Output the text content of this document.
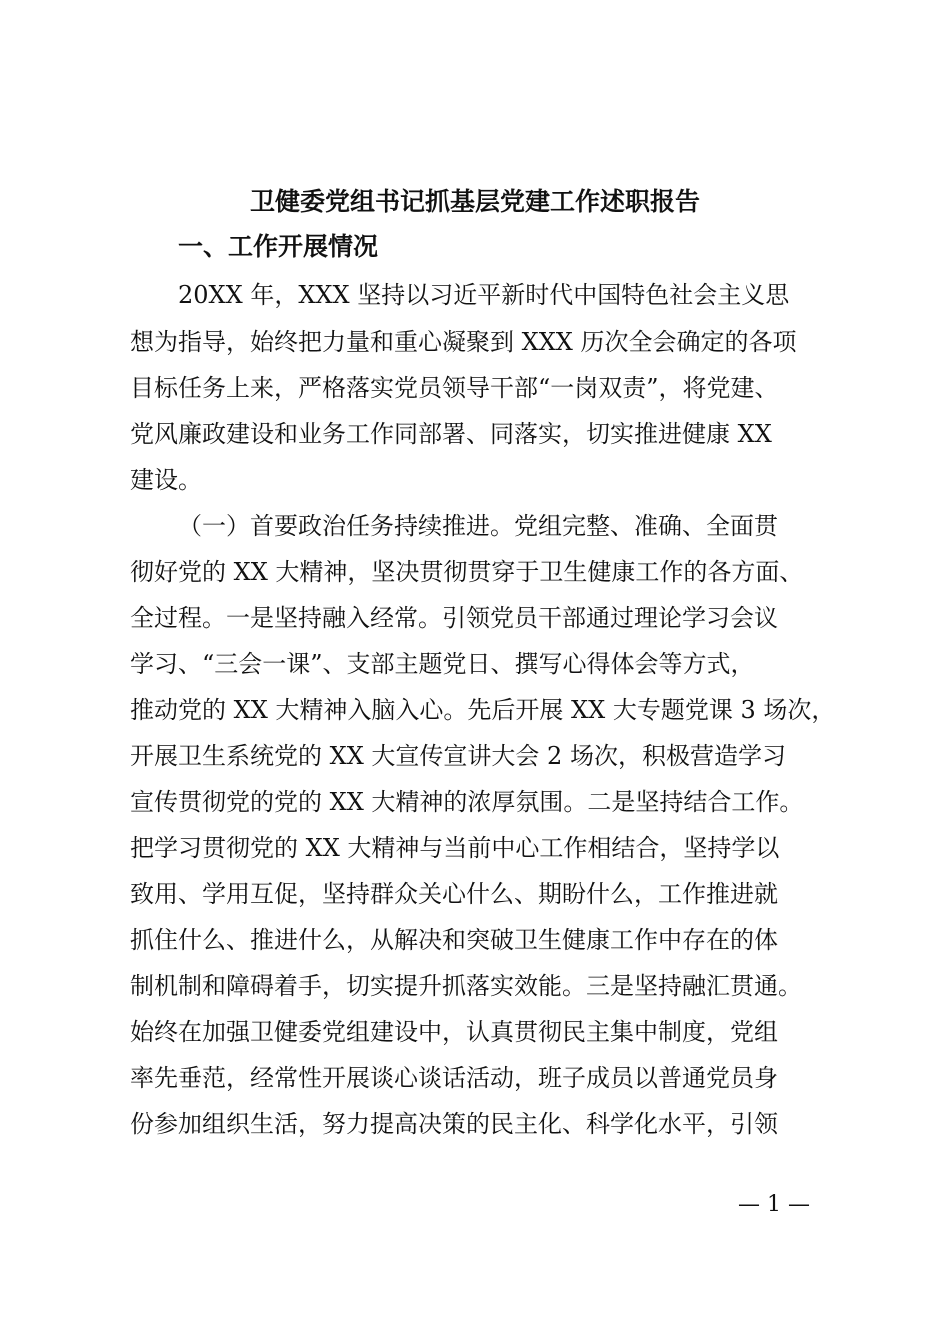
卫健委党组书记抓基层党建工作述职报告
一、工作开展情况
20XX 年，XXX 坚持以习近平新时代中国特色社会主义思
想为指导，始终把力量和重心凝聚到 XXX 历次全会确定的各项
目标任务上来，严格落实党员领导干部“一岗双责”，将党建、
党风廉政建设和业务工作同部署、同落实，切实推进健康 XX
建设。
（一）首要政治任务持续推进。党组完整、准确、全面贯
彻好党的 XX 大精神，坚决贯彻贯穿于卫生健康工作的各方面、
全过程。一是坚持融入经常。引领党员干部通过理论学习会议
学习、“三会一课”、支部主题党日、撰写心得体会等方式，
推动党的 XX 大精神入脑入心。先后开展 XX 大专题党课 3 场次，
开展卫生系统党的 XX 大宣传宣讲大会 2 场次，积极营造学习
宣传贯彻党的党的 XX 大精神的浓厚氛围。二是坚持结合工作。
把学习贯彻党的 XX 大精神与当前中心工作相结合，坚持学以
致用、学用互促，坚持群众关心什么、期盼什么，工作推进就
抓住什么、推进什么，从解决和突破卫生健康工作中存在的体
制机制和障碍着手，切实提升抓落实效能。三是坚持融汇贯通。
始终在加强卫健委党组建设中，认真贯彻民主集中制度，党组
率先垂范，经常性开展谈心谈话活动，班子成员以普通党员身
份参加组织生活，努力提高决策的民主化、科学化水平，引领
— 1 —
